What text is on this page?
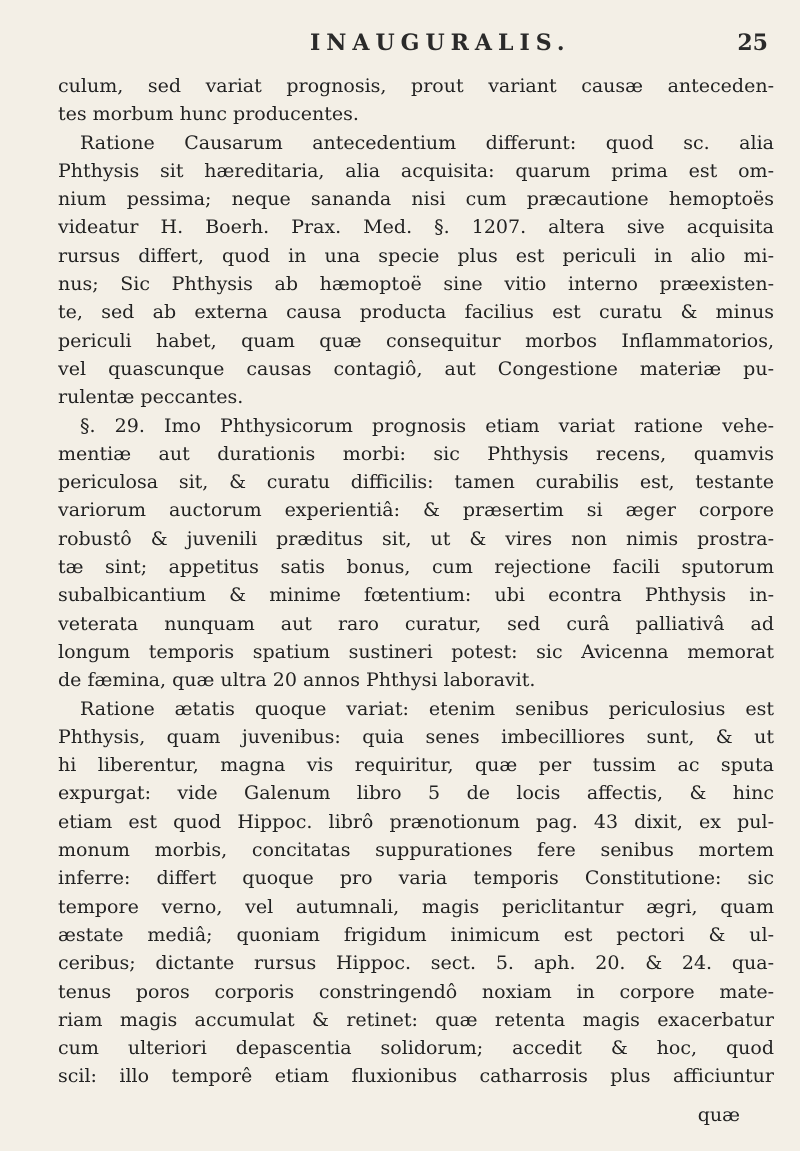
INAUGURALIS.	25
culum, sed variat prognosis, prout variant causæ anteceden-
tes morbum hunc producentes.
Ratione Causarum antecedentium differunt: quod sc. alia
Phthysis sit hæreditaria, alia acquisita: quarum prima est om-
nium pessima; neque sananda nisi cum præcautione hemoptoës
videatur H. Boerh. Prax. Med. §. 1207. altera sive acquisita
rursus differt, quod in una specie plus est periculi in alio mi-
nus; Sic Phthysis ab hæmoptoë sine vitio interno præexisten-
te, sed ab externa causa producta facilius est curatu & minus
periculi habet, quam quæ consequitur morbos Inflammatorios,
vel quascunque causas contagiô, aut Congestione materiæ pu-
rulentæ peccantes.
§. 29. Imo Phthysicorum prognosis etiam variat ratione vehe-
mentiæ aut durationis morbi: sic Phthysis recens, quamvis
periculosa sit, & curatu difficilis: tamen curabilis est, testante
variorum auctorum experientiâ: & præsertim si æger corpore
robustô & juvenili præditus sit, ut & vires non nimis prostra-
tæ sint; appetitus satis bonus, cum rejectione facili sputorum
subalbicantium & minime fœtentium: ubi econtra Phthysis in-
veterata nunquam aut raro curatur, sed curâ palliativâ ad
longum temporis spatium sustineri potest: sic Avicenna memorat
de fæmina, quæ ultra 20 annos Phthysi laboravit.
Ratione ætatis quoque variat: etenim senibus periculosius est
Phthysis, quam juvenibus: quia senes imbecilliores sunt, & ut
hi liberentur, magna vis requiritur, quæ per tussim ac sputa
expurgat: vide Galenum libro 5 de locis affectis, & hinc
etiam est quod Hippoc. librô prænotionum pag. 43 dixit, ex pul-
monum morbis, concitatas suppurationes fere senibus mortem
inferre: differt quoque pro varia temporis Constitutione: sic
tempore verno, vel autumnali, magis periclitantur ægri, quam
æstate mediâ; quoniam frigidum inimicum est pectori & ul-
ceribus; dictante rursus Hippoc. sect. 5. aph. 20. & 24. qua-
tenus poros corporis constringendô noxiam in corpore mate-
riam magis accumulat & retinet: quæ retenta magis exacerbatur
cum ulteriori depascentia solidorum; accedit & hoc, quod
scil: illo temporê etiam fluxionibus catharrosis plus afficiuntur
quæ
